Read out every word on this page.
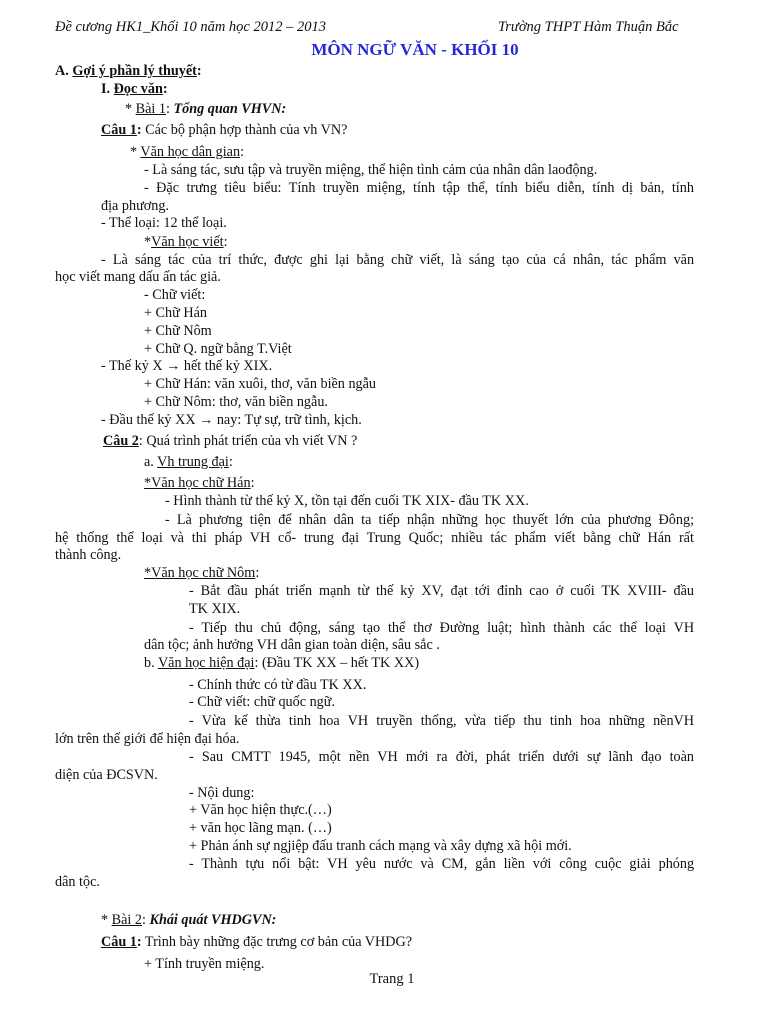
Đề cương HK1_Khối 10 năm học 2012 – 2013	Trường THPT Hàm Thuận Bắc
MÔN NGỮ VĂN - KHỐI 10
A. Gợi ý phần lý thuyết:
I. Đọc văn:
* Bài 1: Tổng quan VHVN:
Câu 1: Các bộ phận hợp thành của vh VN?
* Văn học dân gian:
- Là sáng tác, sưu tập và truyền miệng, thể hiện tình cảm của nhân dân laođộng.
- Đặc trưng tiêu biểu: Tính truyền miệng, tính tập thể, tính biểu diễn, tính dị bản, tính
địa phương.
- Thể loại: 12 thể loại.
*Văn học viết:
- Là sáng tác của trí thức, được ghi lại bằng chữ viết, là sáng tạo của cá nhân, tác phẩm văn
học viết mang dấu ấn tác giả.
- Chữ viết:
+ Chữ Hán
+ Chữ Nôm
+ Chữ Q. ngữ bằng T.Việt
- Thế kỷ X → hết thế kỷ XIX.
+ Chữ Hán: văn xuôi, thơ, văn biền ngẫu
+ Chữ Nôm: thơ, văn biền ngẫu.
- Đầu thế kỷ XX → nay: Tự sự, trữ tình, kịch.
Câu 2: Quá trình phát triển của vh viết VN ?
a. Vh trung đại:
*Văn học chữ Hán:
- Hình thành từ thế kỷ X, tồn tại đến cuối TK XIX- đầu TK XX.
- Là phương tiện để nhân dân ta tiếp nhận những học thuyết lớn của phương Đông;
hệ thống thể loại và thi pháp VH cổ- trung đại Trung Quốc; nhiều tác phẩm viết bằng chữ Hán rất
thành công.
*Văn học chữ Nôm:
- Bắt đầu phát triển mạnh từ thế kỷ XV, đạt tới đỉnh cao ở cuối TK XVIII- đầu
TK XIX.
- Tiếp thu chủ động, sáng tạo thể thơ Đường luật; hình thành các thể loại VH
dân tộc; ảnh hưởng VH dân gian toàn diện, sâu sắc .
b. Văn học hiện đại: (Đầu TK XX – hết TK XX)
- Chính thức có từ đầu TK XX.
- Chữ viết: chữ quốc ngữ.
- Vừa kế thừa tinh hoa VH truyền thống, vừa tiếp thu tinh hoa những nềnVH
lớn trên thế giới để hiện đại hóa.
- Sau CMTT 1945, một nền VH mới ra đời, phát triển dưới sự lãnh đạo toàn
diện của ĐCSVN.
- Nội dung:
+ Văn học hiện thực.(…)
+ văn học lãng mạn. (…)
+ Phản ánh sự ngjiệp đấu tranh cách mạng và xây dựng xã hội mới.
- Thành tựu nổi bật: VH yêu nước và CM, gắn liền với công cuộc giải phóng
dân tộc.
* Bài 2: Khái quát VHDGVN:
Câu 1: Trình bày những đặc trưng cơ bản của VHDG?
+ Tính truyền miệng.
Trang 1
